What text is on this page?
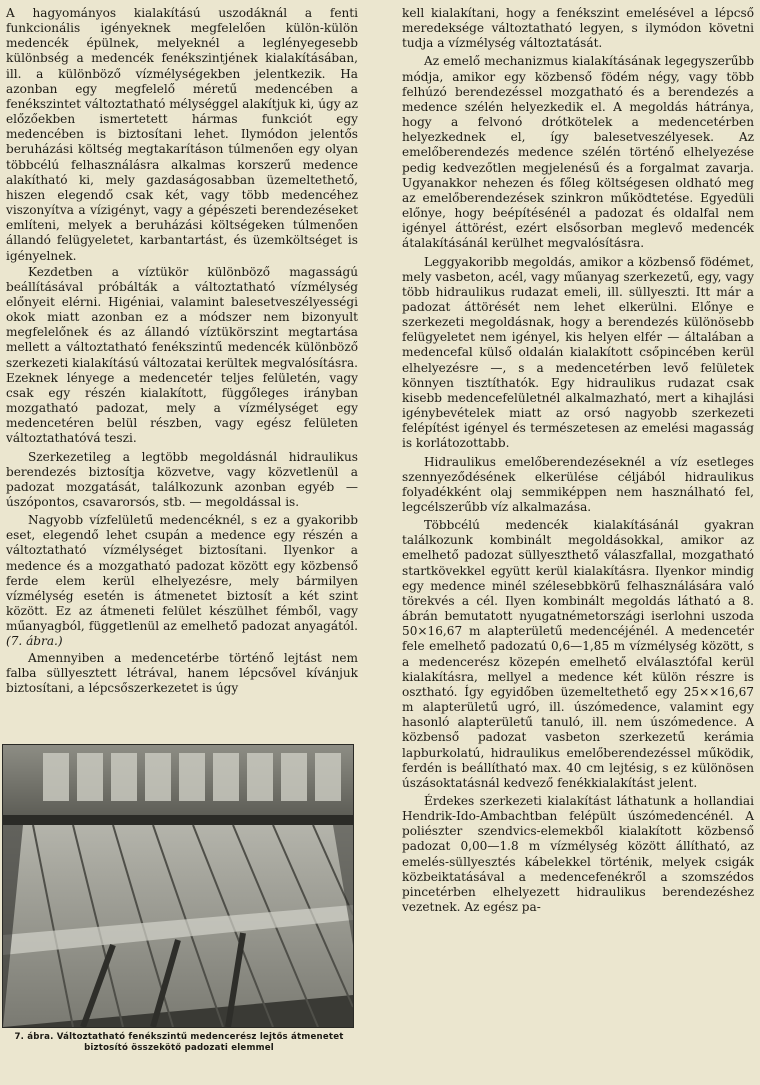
A hagyományos kialakítású uszodáknál a fenti funkcionális igényeknek megfelelően külön-külön medencék épülnek, melyeknél a leglényegesebb különbség a medencék fenékszintjének kialakításában, ill. a különböző vízmélységekben jelentkezik. Ha azonban egy megfelelő méretű medencében a fenékszintet változtatható mélységgel alakítjuk ki, úgy az előzőekben ismertetett hármas funkciót egy medencében is biztosítani lehet. Ilymódon jelentős beruházási költség megtakarításon túlmenően egy olyan többcélú felhasználásra alkalmas korszerű medence alakítható ki, mely gazdaságosabban üzemeltethető, hiszen elegendő csak két, vagy több medencéhez viszonyítva a vízigényt, vagy a gépészeti berendezéseket említeni, melyek a beruházási költségeken túlmenően állandó felügyeletet, karbantartást, és üzemköltséget is igényelnek.

Kezdetben a víztükör különböző magasságú beállításával próbálták a változtatható vízmélység előnyeit elérni. Higéniai, valamint balesetveszélyességi okok miatt azonban ez a módszer nem bizonyult megfelelőnek és az állandó víztükörszint megtartása mellett a változtatható fenékszintű medencék különböző szerkezeti kialakítású változatai kerültek megvalósításra. Ezeknek lényege a medencetér teljes felületén, vagy csak egy részén kialakított, függőleges irányban mozgatható padozat, mely a vízmélységet egy medencetéren belül részben, vagy egész felületen változtathatóvá teszi.

Szerkezetileg a legtöbb megoldásnál hidraulikus berendezés biztosítja közvetve, vagy közvetlenül a padozat mozgatását, találkozunk azonban egyéb — úszópontos, csavarorsós, stb. — megoldással is.

Nagyobb vízfelületű medencéknél, s ez a gyakoribb eset, elegendő lehet csupán a medence egy részén a változtatható vízmélységet biztosítani. Ilyenkor a medence és a mozgatható padozat között egy közbenső ferde elem kerül elhelyezésre, mely bármilyen vízmélység esetén is átmenetet biztosít a két szint között. Ez az átmeneti felület készülhet fémből, vagy műanyagból, függetlenül az emelhető padozat anyagától. (7. ábra.)

Amennyiben a medencetérbe történő lejtást nem falba süllyesztett létrával, hanem lépcsővel kívánjuk biztosítani, a lépcsőszerkezetet is úgy

7. ábra. Változtatható fenékszintű medencerész lejtős átmenetet
biztosító összekötő padozati elemmel

kell kialakítani, hogy a fenékszint emelésével a lépcső meredeksége változtatható legyen, s ilymódon követni tudja a vízmélység változtatását.

Az emelő mechanizmus kialakításának legegyszerűbb módja, amikor egy közbenső födém négy, vagy több felhúzó berendezéssel mozgatható és a berendezés a medence szélén helyezkedik el. A megoldás hátránya, hogy a felvonó drótkötelek a medencetérben helyezkednek el, így balesetveszélyesek. Az emelőberendezés medence szélén történő elhelyezése pedig kedvezőtlen megjelenésű és a forgalmat zavarja. Ugyanakkor nehezen és főleg költségesen oldható meg az emelőberendezések szinkron működtetése. Egyedüli előnye, hogy beépítésénél a padozat és oldalfal nem igényel áttörést, ezért elsősorban meglevő medencék átalakításánál kerülhet megvalósításra.

Leggyakoribb megoldás, amikor a közbenső födémet, mely vasbeton, acél, vagy műanyag szerkezetű, egy, vagy több hidraulikus rudazat emeli, ill. süllyeszti. Itt már a padozat áttörését nem lehet elkerülni. Előnye e szerkezeti megoldásnak, hogy a berendezés különösebb felügyeletet nem igényel, kis helyen elfér — általában a medencefal külső oldalán kialakított csőpincében kerül elhelyezésre —, s a medencetérben levő felületek könnyen tisztíthatók. Egy hidraulikus rudazat csak kisebb medencefelületnél alkalmazható, mert a kihajlási igénybevételek miatt az orsó nagyobb szerkezeti felépítést igényel és természetesen az emelési magasság is korlátozottabb.

Hidraulikus emelőberendezéseknél a víz esetleges szennyeződésének elkerülése céljából hidraulikus folyadékként olaj semmiképpen nem használható fel, legcélszerűbb víz alkalmazása.

Többcélú medencék kialakításánál gyakran találkozunk kombinált megoldásokkal, amikor az emelhető padozat süllyeszthető válaszfallal, mozgatható startkövekkel együtt kerül kialakításra. Ilyenkor mindig egy medence minél szélesebbkörű felhasználására való törekvés a cél. Ilyen kombinált megoldás látható a 8. ábrán bemutatott nyugatnémetországi iserlohni uszoda 50×16,67 m alapterületű medencéjénél. A medencetér fele emelhető padozatú 0,6—1,85 m vízmélység között, s a medencerész közepén emelhető elválasztófal kerül kialakításra, mellyel a medence két külön részre is osztható. Így egyidőben üzemeltethető egy 25××16,67 m alapterületű ugró, ill. úszómedence, valamint egy hasonló alapterületű tanuló, ill. nem úszómedence. A közbenső padozat vasbeton szerkezetű kerámia lapburkolatú, hidraulikus emelőberendezéssel működik, ferdén is beállítható max. 40 cm lejtésig, s ez különösen úszásoktatásnál kedvező fenékkialakítást jelent.

Érdekes szerkezeti kialakítást láthatunk a hollandiai Hendrik-Ido-Ambachtban felépült úszómedencénél. A poliészter szendvics-elemekből kialakított közbenső padozat 0,00—1.8 m vízmélység között állítható, az emelés-süllyesztés kábelekkel történik, melyek csigák közbeiktatásával a medencefenékről a szomszédos pincetérben elhelyezett hidraulikus berendezéshez vezetnek. Az egész pa-
